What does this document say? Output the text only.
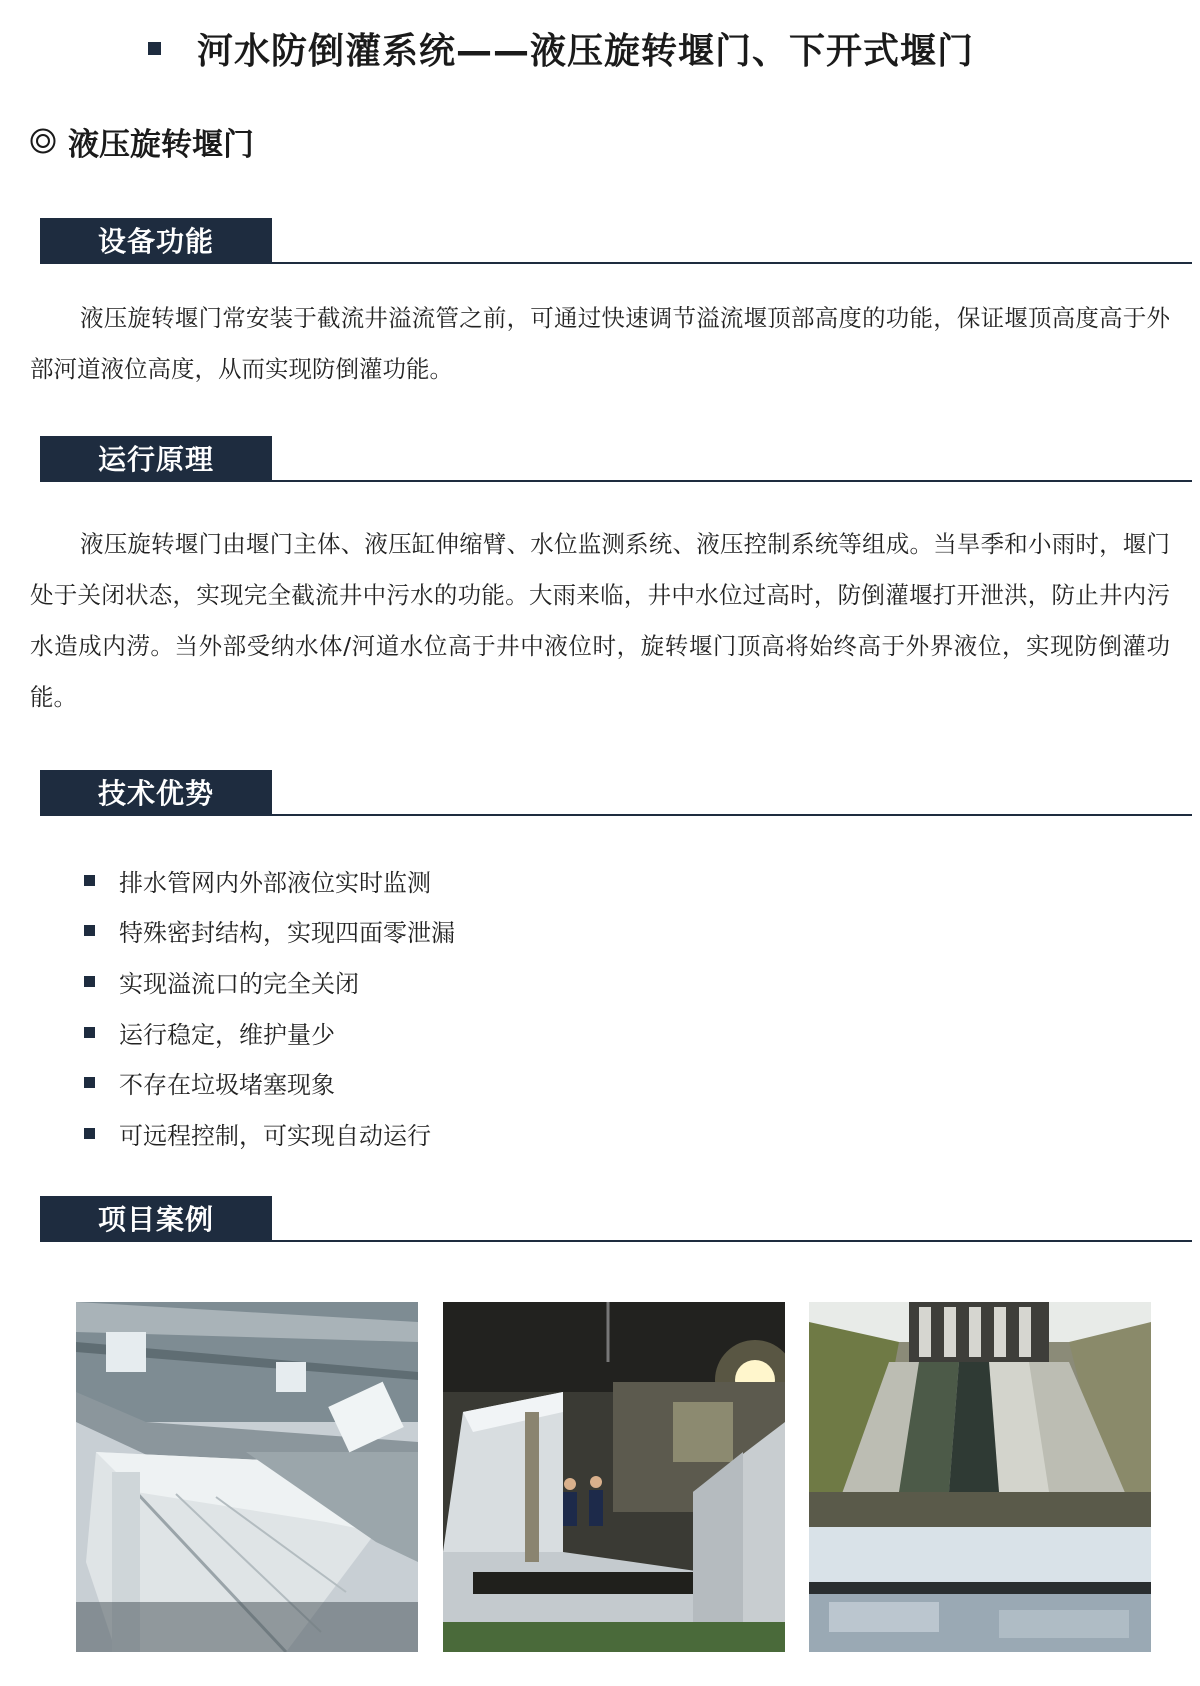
河水防倒灌系统——液压旋转堰门、下开式堰门
液压旋转堰门
设备功能

液压旋转堰门常安装于截流井溢流管之前，可通过快速调节溢流堰顶部高度的功能，保证堰顶高度高于外部河道液位高度，从而实现防倒灌功能。

运行原理

液压旋转堰门由堰门主体、液压缸伸缩臂、水位监测系统、液压控制系统等组成。当旱季和小雨时，堰门处于关闭状态，实现完全截流井中污水的功能。大雨来临，井中水位过高时，防倒灌堰打开泄洪，防止井内污水造成内涝。当外部受纳水体/河道水位高于井中液位时，旋转堰门顶高将始终高于外界液位，实现防倒灌功能。

技术优势
排水管网内外部液位实时监测
特殊密封结构，实现四面零泄漏
实现溢流口的完全关闭
运行稳定，维护量少
不存在垃圾堵塞现象
可远程控制，可实现自动运行
项目案例
